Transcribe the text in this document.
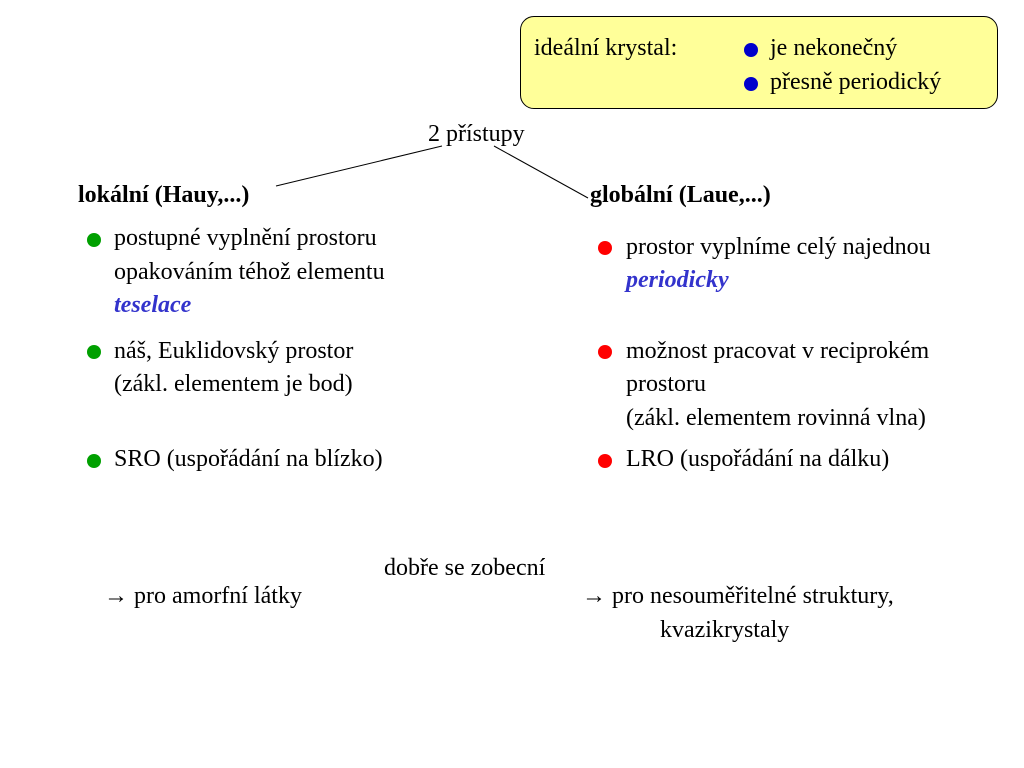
ideální krystal:	je nekonečný
přesně periodický
2 přístupy
lokální (Hauy,...)
postupné vyplnění prostoru
opakováním téhož elementu
teselace
náš, Euklidovský prostor
(zákl. elementem je bod)
SRO (uspořádání na blízko)
globální (Laue,...)
prostor vyplníme celý najednou
periodicky
možnost pracovat v reciprokém
prostoru
(zákl. elementem rovinná vlna)
LRO (uspořádání na dálku)
dobře se zobecní
→ pro amorfní látky	→ pro nesouměřitelné struktury,
kvazikrystaly
